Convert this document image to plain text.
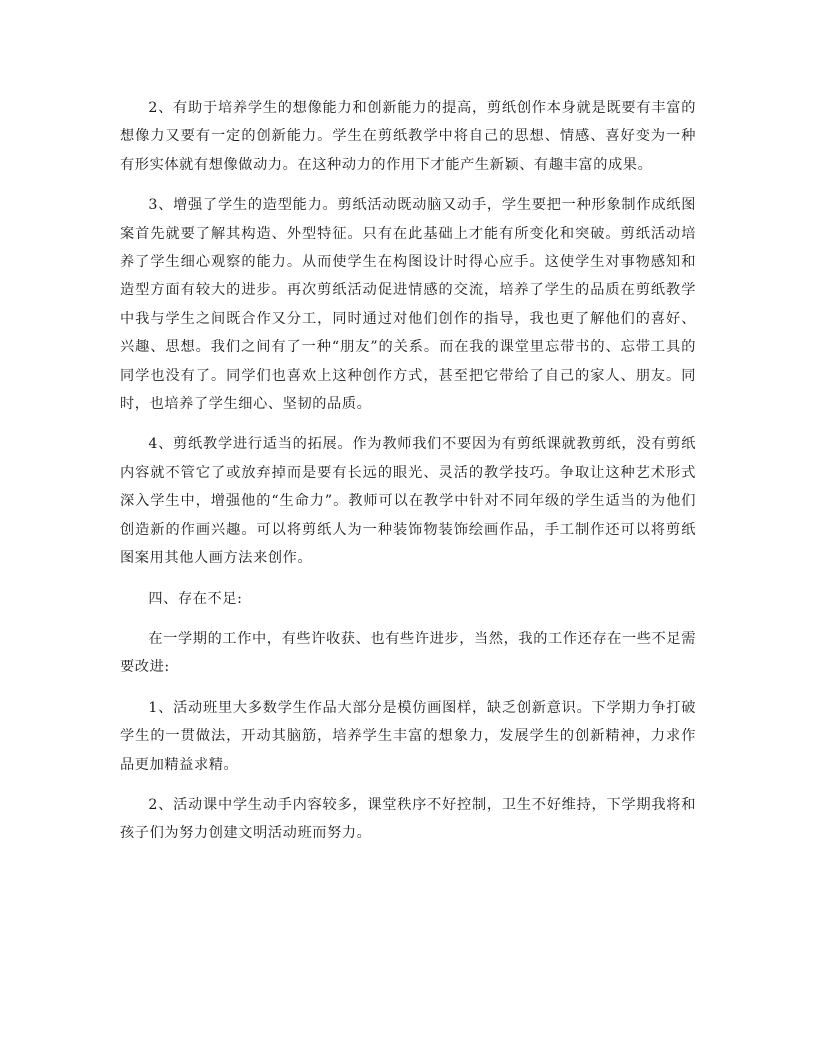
2、有助于培养学生的想像能力和创新能力的提高，剪纸创作本身就是既要有丰富的想像力又要有一定的创新能力。学生在剪纸教学中将自己的思想、情感、喜好变为一种有形实体就有想像做动力。在这种动力的作用下才能产生新颖、有趣丰富的成果。

3、增强了学生的造型能力。剪纸活动既动脑又动手，学生要把一种形象制作成纸图案首先就要了解其构造、外型特征。只有在此基础上才能有所变化和突破。剪纸活动培养了学生细心观察的能力。从而使学生在构图设计时得心应手。这使学生对事物感知和造型方面有较大的进步。再次剪纸活动促进情感的交流，培养了学生的品质在剪纸教学中我与学生之间既合作又分工，同时通过对他们创作的指导，我也更了解他们的喜好、兴趣、思想。我们之间有了一种“朋友”的关系。而在我的课堂里忘带书的、忘带工具的同学也没有了。同学们也喜欢上这种创作方式，甚至把它带给了自己的家人、朋友。同时，也培养了学生细心、坚韧的品质。

4、剪纸教学进行适当的拓展。作为教师我们不要因为有剪纸课就教剪纸，没有剪纸内容就不管它了或放弃掉而是要有长远的眼光、灵活的教学技巧。争取让这种艺术形式深入学生中，增强他的“生命力”。教师可以在教学中针对不同年级的学生适当的为他们创造新的作画兴趣。可以将剪纸人为一种装饰物装饰绘画作品，手工制作还可以将剪纸图案用其他人画方法来创作。

四、存在不足:

在一学期的工作中，有些许收获、也有些许进步，当然，我的工作还存在一些不足需要改进:

1、活动班里大多数学生作品大部分是模仿画图样，缺乏创新意识。下学期力争打破学生的一贯做法，开动其脑筋，培养学生丰富的想象力，发展学生的创新精神，力求作品更加精益求精。

2、活动课中学生动手内容较多，课堂秩序不好控制，卫生不好维持，下学期我将和孩子们为努力创建文明活动班而努力。
